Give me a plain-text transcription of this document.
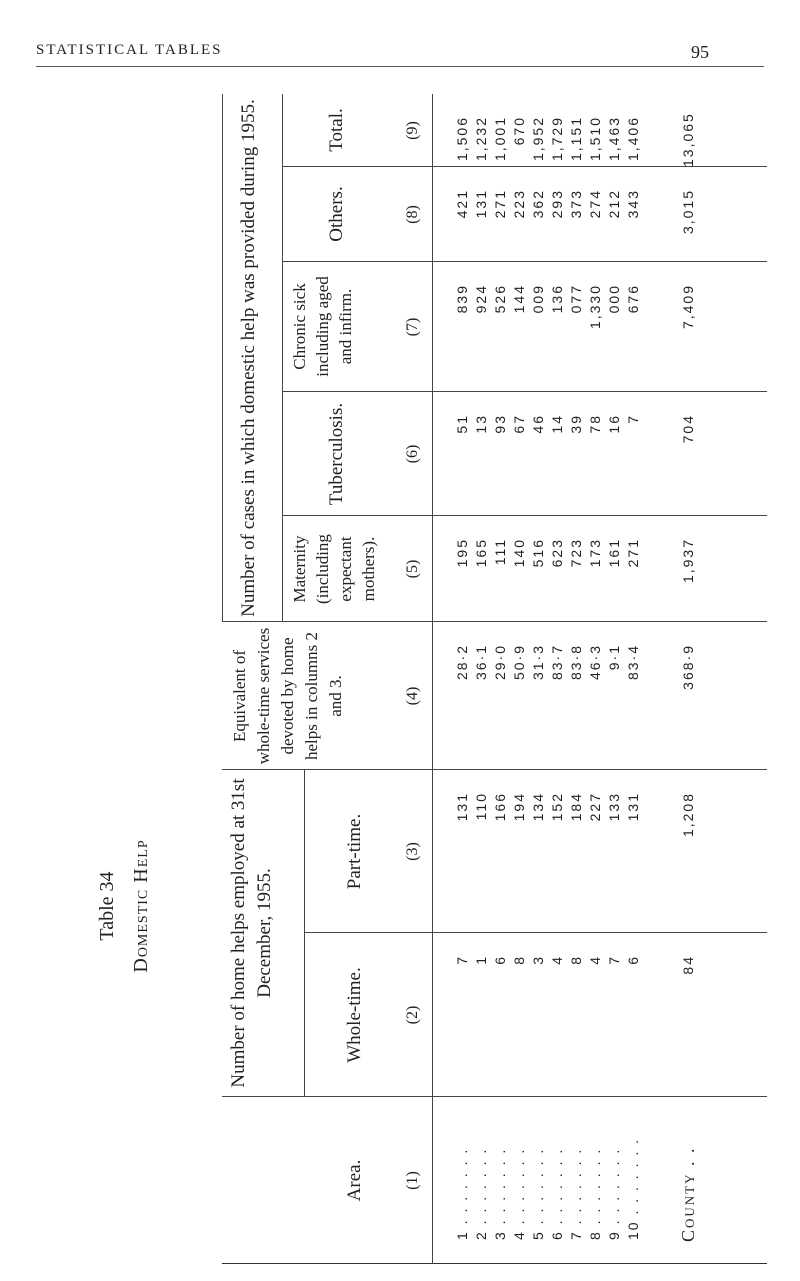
STATISTICAL TABLES	95
Table 34 Domestic Help	Number of home helps employed at 31st December, 1955.
Number of cases in which domestic help was provided during 1955.
Area.
Whole-time.
Part-time.
Equivalent of whole-time services devoted by home helps in columns 2 and 3.
Maternity (including expectant mothers).
Tuberculosis.
Chronic sick including aged and infirm.
Others.
Total.
(1)
(2)
(3)
(4)
(5)
(6)
(7)
(8)
(9)
1 . . . . . . .
7
131
28·2
195
51
839
421
1,506
2 . . . . . . .
1
110
36·1
165
13
924
131
1,232
3 . . . . . . .
6
166
29·0
111
93
526
271
1,001
4 . . . . . . .
8
194
50·9
140
67
144
223
670
5 . . . . . . .
3
134
31·3
516
46
009
362
1,952
6 . . . . . . .
4
152
83·7
623
14
136
293
1,729
7 . . . . . . .
8
184
83·8
723
39
077
373
1,151
8 . . . . . . .
4
227
46·3
173
78
1,330
274
1,510
9 . . . . . . .
7
133
9·1
161
16
000
212
1,463
10 . . . . . . .
6
131
83·4
271
7
676
343
1,406
County . .
84
1,208
368·9
1,937
704
7,409
3,015
13,065
